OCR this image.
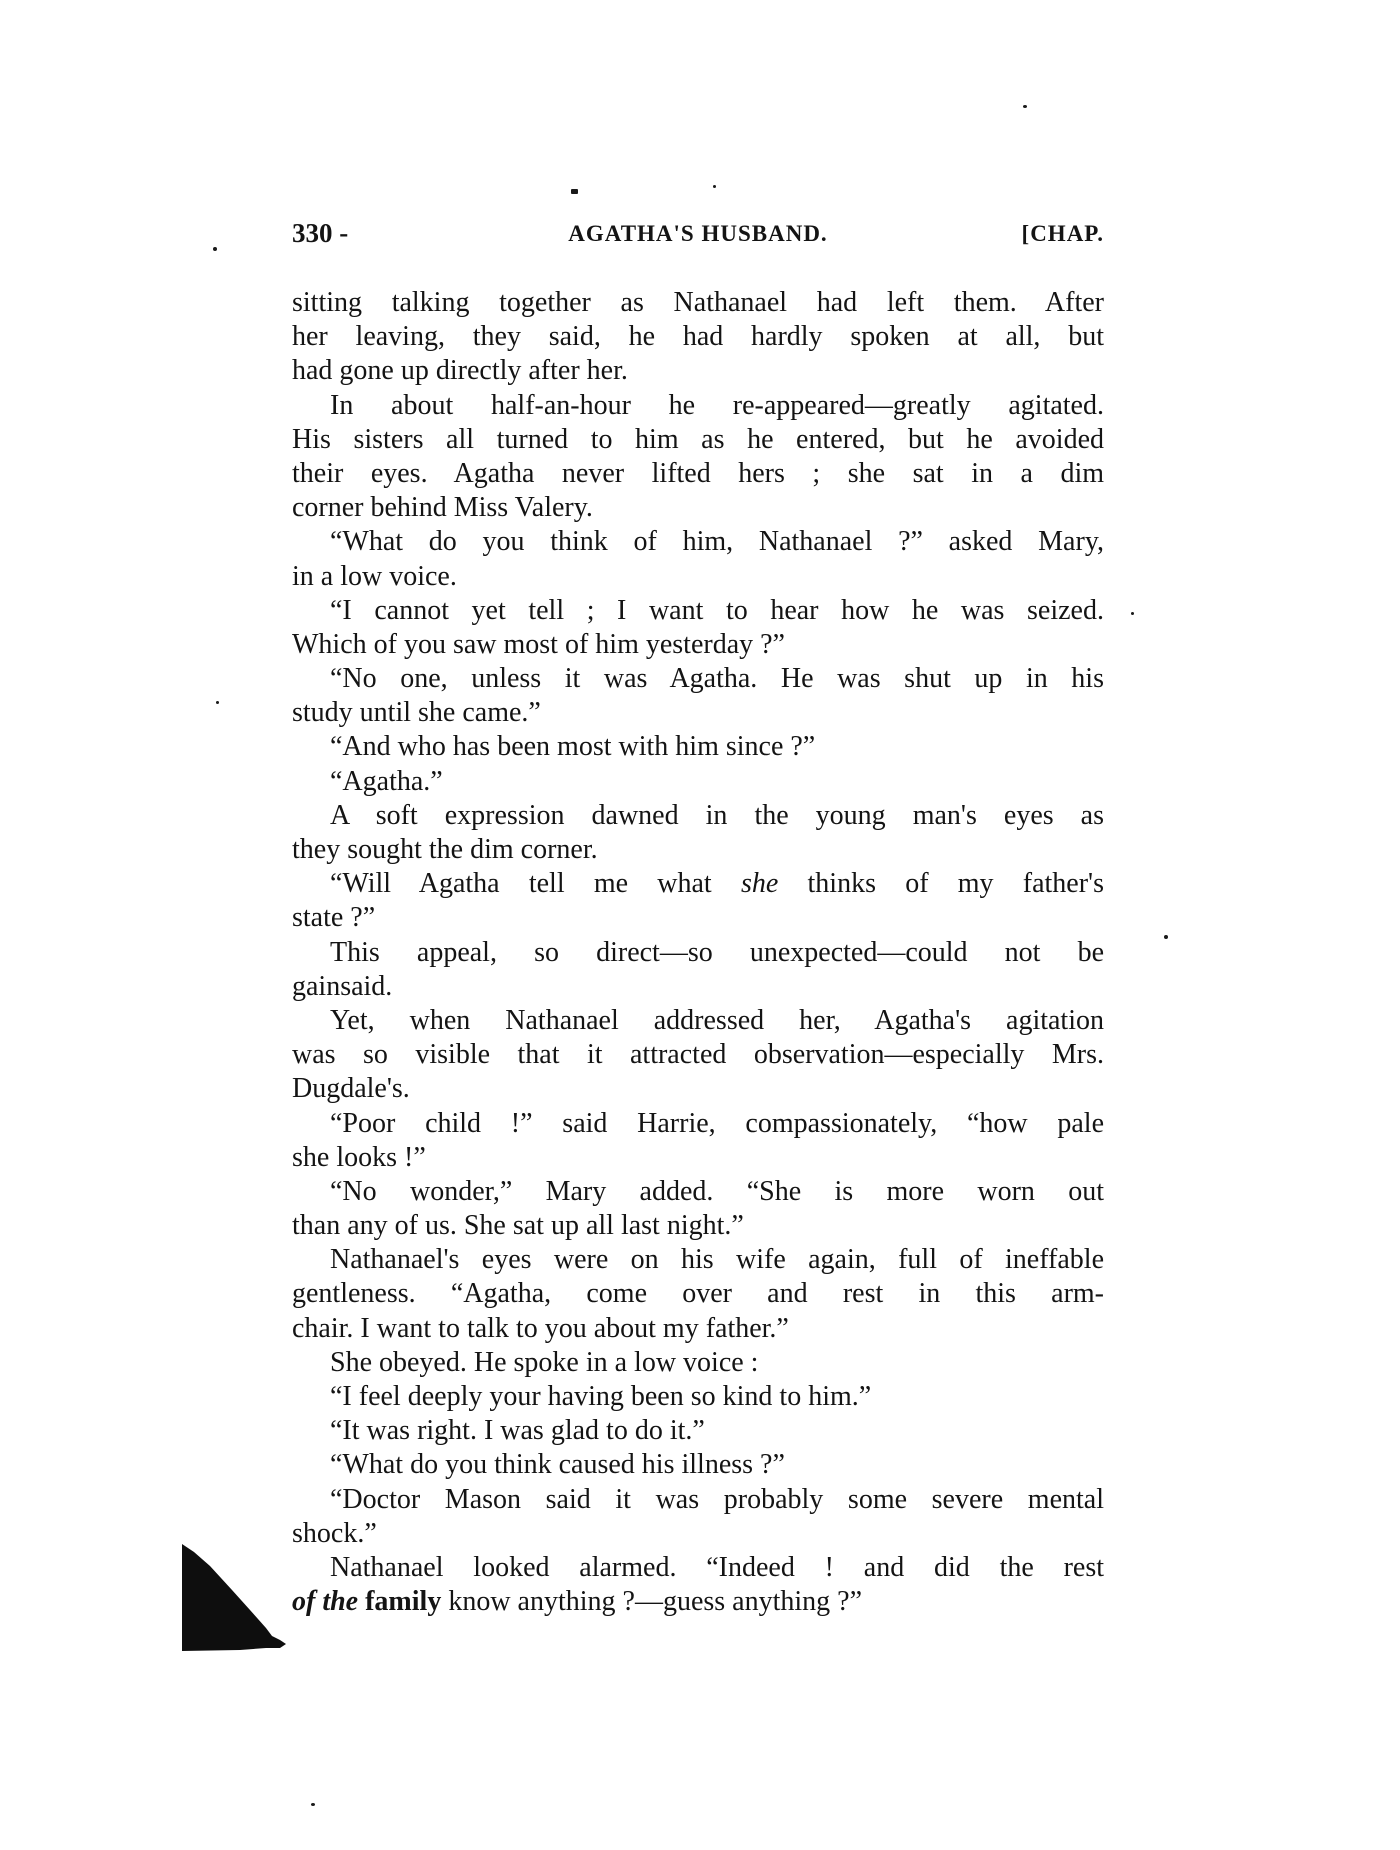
330 -	AGATHA'S HUSBAND.	[CHAP.
sitting talking together as Nathanael had left them. After
her leaving, they said, he had hardly spoken at all, but
had gone up directly after her.
In about half-an-hour he re-appeared—greatly agitated.
His sisters all turned to him as he entered, but he avoided
their eyes. Agatha never lifted hers ; she sat in a dim
corner behind Miss Valery.
“What do you think of him, Nathanael ?” asked Mary,
in a low voice.
“I cannot yet tell ; I want to hear how he was seized.
Which of you saw most of him yesterday ?”
“No one, unless it was Agatha. He was shut up in his
study until she came.”
“And who has been most with him since ?”
“Agatha.”
A soft expression dawned in the young man's eyes as
they sought the dim corner.
“Will Agatha tell me what she thinks of my father's
state ?”
This appeal, so direct—so unexpected—could not be
gainsaid.
Yet, when Nathanael addressed her, Agatha's agitation
was so visible that it attracted observation—especially Mrs.
Dugdale's.
“Poor child !” said Harrie, compassionately, “how pale
she looks !”
“No wonder,” Mary added. “She is more worn out
than any of us. She sat up all last night.”
Nathanael's eyes were on his wife again, full of ineffable
gentleness. “Agatha, come over and rest in this arm-
chair. I want to talk to you about my father.”
She obeyed. He spoke in a low voice :
“I feel deeply your having been so kind to him.”
“It was right. I was glad to do it.”
“What do you think caused his illness ?”
“Doctor Mason said it was probably some severe mental
shock.”
Nathanael looked alarmed. “Indeed ! and did the rest
of the family know anything ?—guess anything ?”
